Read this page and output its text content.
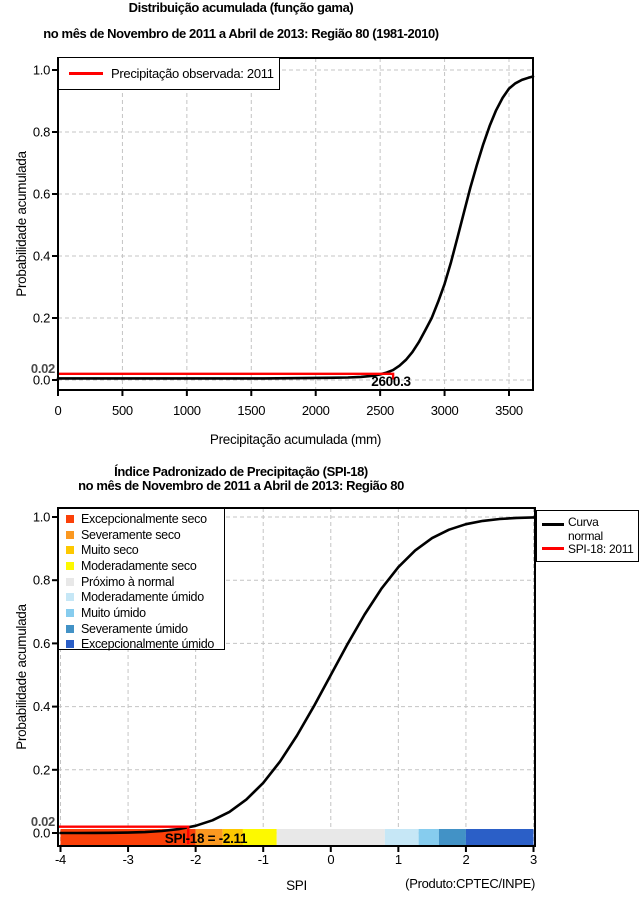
0	500	1000	1500	2000	2500	3000	3500
0.0
0.2
0.4
0.6
0.8
1.0
-4	-3	-2	-1	0	1	2	3
0.0
0.2
0.4
0.6
0.8
1.0
Distribuição acumulada (função gama)
no mês de Novembro de 2011 a Abril de 2013: Região 80 (1981-2010)
Probabilidade acumulada
Precipitação acumulada (mm)
Precipitação observada: 2011
0.02
2600.3
Índice Padronizado de Precipitação (SPI-18)
no mês de Novembro de 2011 a Abril de 2013: Região 80
Probabilidade acumulada
SPI
Excepcionalmente seco
Severamente seco
Muito seco
Moderadamente seco
Próximo à normal
Moderadamente úmido
Muito úmido
Severamente úmido
Excepcionalmente úmido
Curva
normal
SPI-18: 2011
0.02
SPI-18 = -2.11
(Produto:CPTEC/INPE)
